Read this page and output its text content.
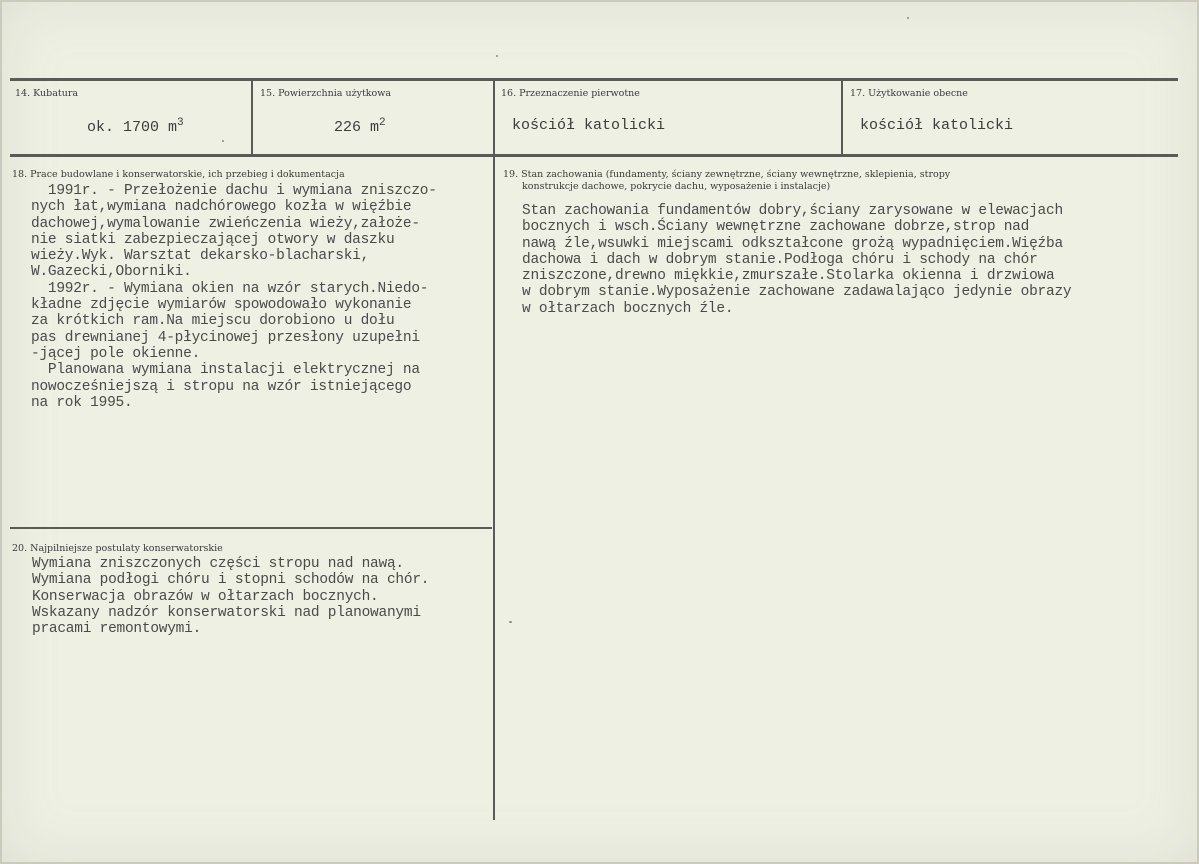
14. Kubatura
ok. 1700 $m^3$
15. Powierzchnia użytkowa
226 $m^2$
16. Przeznaczenie pierwotne
kościół katolicki
17. Użytkowanie obecne
kościół katolicki
18. Prace budowlane i konserwatorskie, ich przebieg i dokumentacja
1991r. - Przełożenie dachu i wymiana zniszczo-
nych łat,wymiana nadchórowego kozła w więźbie
dachowej,wymalowanie zwieńczenia wieży,założe-
nie siatki zabezpieczającej otwory w daszku
wieży.Wyk. Warsztat dekarsko-blacharski,
W.Gazecki,Oborniki.
1992r. - Wymiana okien na wzór starych.Niedo-
kładne zdjęcie wymiarów spowodowało wykonanie
za krótkich ram.Na miejscu dorobiono u dołu
pas drewnianej 4-płycinowej przesłony uzupełni
-jącej pole okienne.
Planowana wymiana instalacji elektrycznej na
nowocześniejszą i stropu na wzór istniejącego
na rok 1995.
19. Stan zachowania (fundamenty, ściany zewnętrzne, ściany wewnętrzne, sklepienia, stropy
konstrukcje dachowe, pokrycie dachu, wyposażenie i instalacje)
Stan zachowania fundamentów dobry,ściany zarysowane w elewacjach
bocznych i wsch.Ściany wewnętrzne zachowane dobrze,strop nad
nawą źle,wsuwki miejscami odkształcone grożą wypadnięciem.Więźba
dachowa i dach w dobrym stanie.Podłoga chóru i schody na chór
zniszczone,drewno miękkie,zmurszałe.Stolarka okienna i drzwiowa
w dobrym stanie.Wyposażenie zachowane zadawalająco jedynie obrazy
w ołtarzach bocznych źle.
20. Najpilniejsze postulaty konserwatorskie
Wymiana zniszczonych części stropu nad nawą.
Wymiana podłogi chóru i stopni schodów na chór.
Konserwacja obrazów w ołtarzach bocznych.
Wskazany nadzór konserwatorski nad planowanymi
pracami remontowymi.
